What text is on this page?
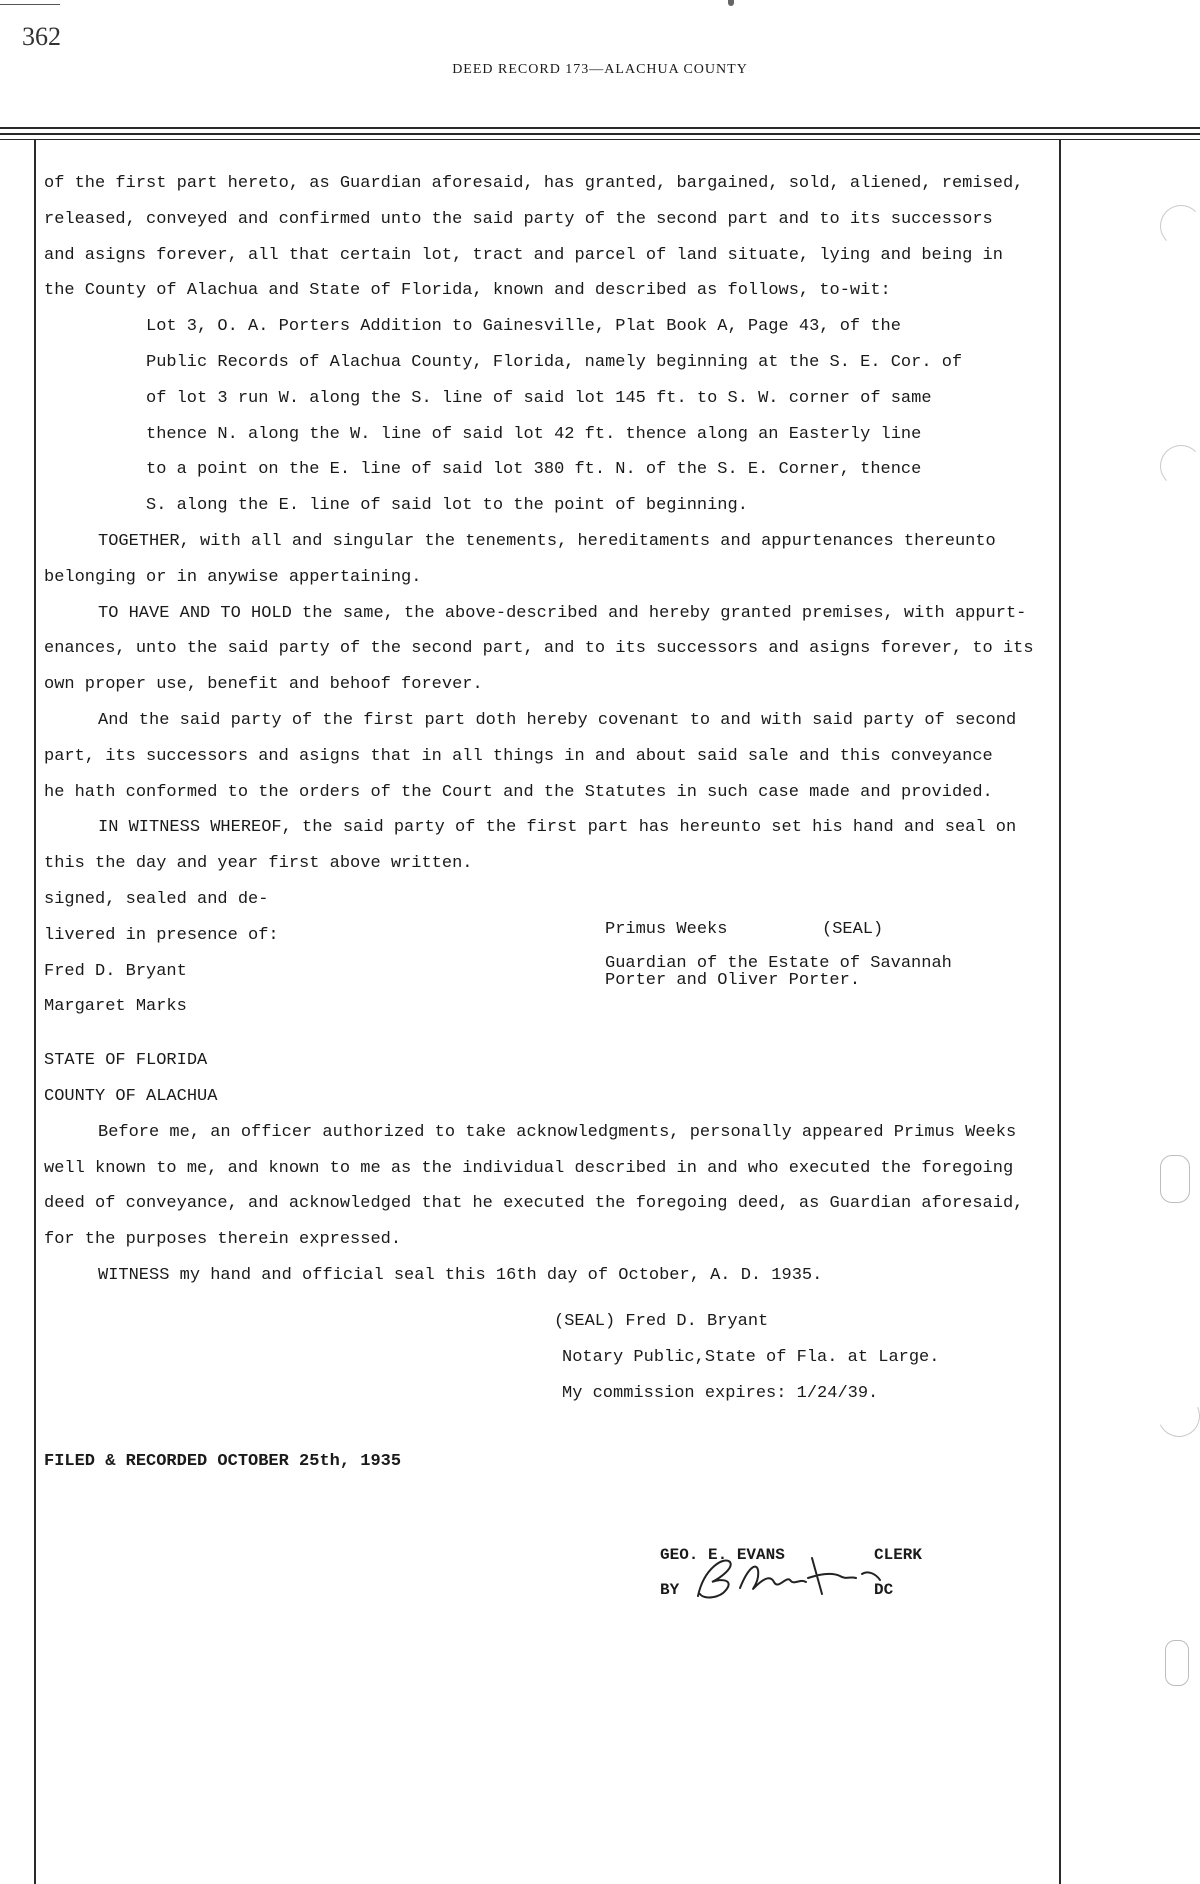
362
DEED RECORD 173—ALACHUA COUNTY
of the first part hereto, as Guardian aforesaid, has granted, bargained, sold, aliened, remised,
released, conveyed and confirmed unto the said party of the second part and to its successors
and asigns forever, all that certain lot, tract and parcel of land situate, lying and being in
the County of Alachua and State of Florida, known and described as follows, to-wit:
Lot 3, O. A. Porters Addition to Gainesville, Plat Book A, Page 43, of the
Public Records of Alachua County, Florida, namely beginning at the S. E. Cor. of
of lot 3 run W. along the S. line of said lot 145 ft. to S. W. corner of same
thence N. along the W. line of said lot 42 ft. thence along an Easterly line
to a point on the E. line of said lot 380 ft. N. of the S. E. Corner, thence
S. along the E. line of said lot to the point of beginning.
TOGETHER, with all and singular the tenements, hereditaments and appurtenances thereunto
belonging or in anywise appertaining.
TO HAVE AND TO HOLD the same, the above-described and hereby granted premises, with appurt-
enances, unto the said party of the second part, and to its successors and asigns forever, to its
own proper use, benefit and behoof forever.
And the said party of the first part doth hereby covenant to and with said party of second
part, its successors and asigns that in all things in and about said sale and this conveyance
he hath conformed to the orders of the Court and the Statutes in such case made and provided.
IN WITNESS WHEREOF, the said party of the first part has hereunto set his hand and seal on
this the day and year first above written.
signed, sealed and de-
livered in presence of:
Fred D. Bryant
Margaret Marks
STATE OF FLORIDA
COUNTY OF ALACHUA
Before me, an officer authorized to take acknowledgments, personally appeared Primus Weeks
well known to me, and known to me as the individual described in and who executed the foregoing
deed of conveyance, and acknowledged that he executed the foregoing deed, as Guardian aforesaid,
for the purposes therein expressed.
WITNESS my hand and official seal this 16th day of October, A. D. 1935.
Primus Weeks	(SEAL)
Guardian of the Estate of Savannah
Porter and Oliver Porter.
(SEAL) Fred D. Bryant
Notary Public,State of Fla. at Large.
My commission expires: 1/24/39.
FILED & RECORDED OCTOBER 25th, 1935
GEO. E. EVANS	CLERK
BY	DC
